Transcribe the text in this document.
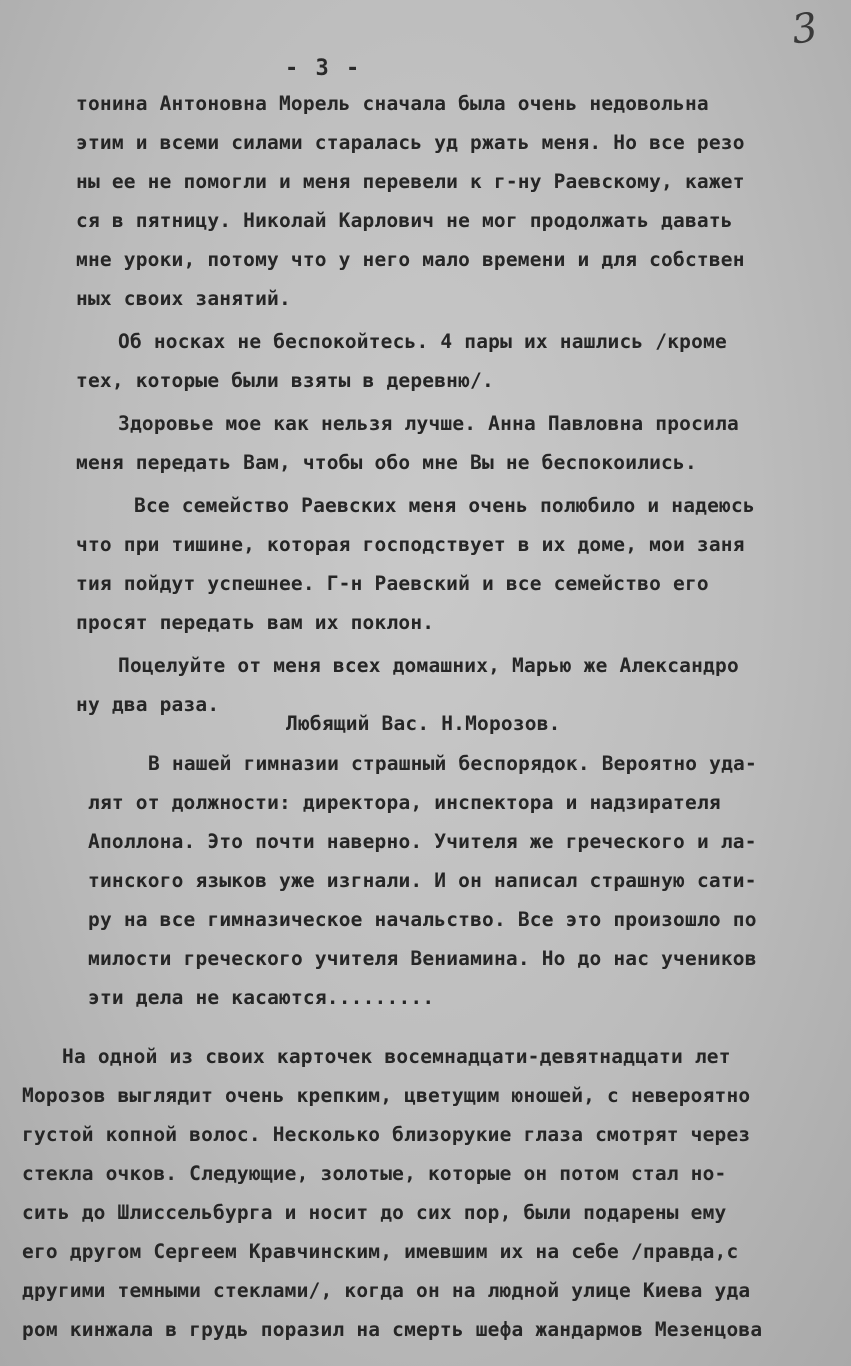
3
- 3 -
тонина Антоновна Морель сначала была очень недовольна
этим и всеми силами старалась уд ржать меня. Но все резо
ны ее не помогли и меня перевели к г-ну Раевскому, кажет
ся в пятницу. Николай Карлович не мог продолжать давать
мне уроки, потому что у него мало времени и для собствен
ных своих занятий.
Об носках не беспокойтесь. 4 пары их нашлись /кроме
тех, которые были взяты в деревню/.
Здоровье мое как нельзя лучше. Анна Павловна просила
меня передать Вам, чтобы обо мне Вы не беспокоились.
Все семейство Раевских меня очень полюбило и надеюсь
что при тишине, которая господствует в их доме, мои заня
тия пойдут успешнее. Г-н Раевский и все семейство его
просят передать вам их поклон.
Поцелуйте от меня всех домашних, Марью же Александро
ну два раза.
Любящий Вас. Н.Морозов.
В нашей гимназии страшный беспорядок. Вероятно уда-
лят от должности: директора, инспектора и надзирателя
Аполлона. Это почти наверно. Учителя же греческого и ла-
тинского языков уже изгнали. И он написал страшную сати-
ру на все гимназическое начальство. Все это произошло по
милости греческого учителя Вениамина. Но до нас учеников
эти дела не касаются.........
На одной из своих карточек восемнадцати-девятнадцати лет
Морозов выглядит очень крепким, цветущим юношей, с невероятно
густой копной волос. Несколько близорукие глаза смотрят через
стекла очков. Следующие, золотые, которые он потом стал но-
сить до Шлиссельбурга и носит до сих пор, были подарены ему
его другом Сергеем Кравчинским, имевшим их на себе /правда,с
другими темными стеклами/, когда он на людной улице Киева уда
ром кинжала в грудь поразил на смерть шефа жандармов Мезенцова
